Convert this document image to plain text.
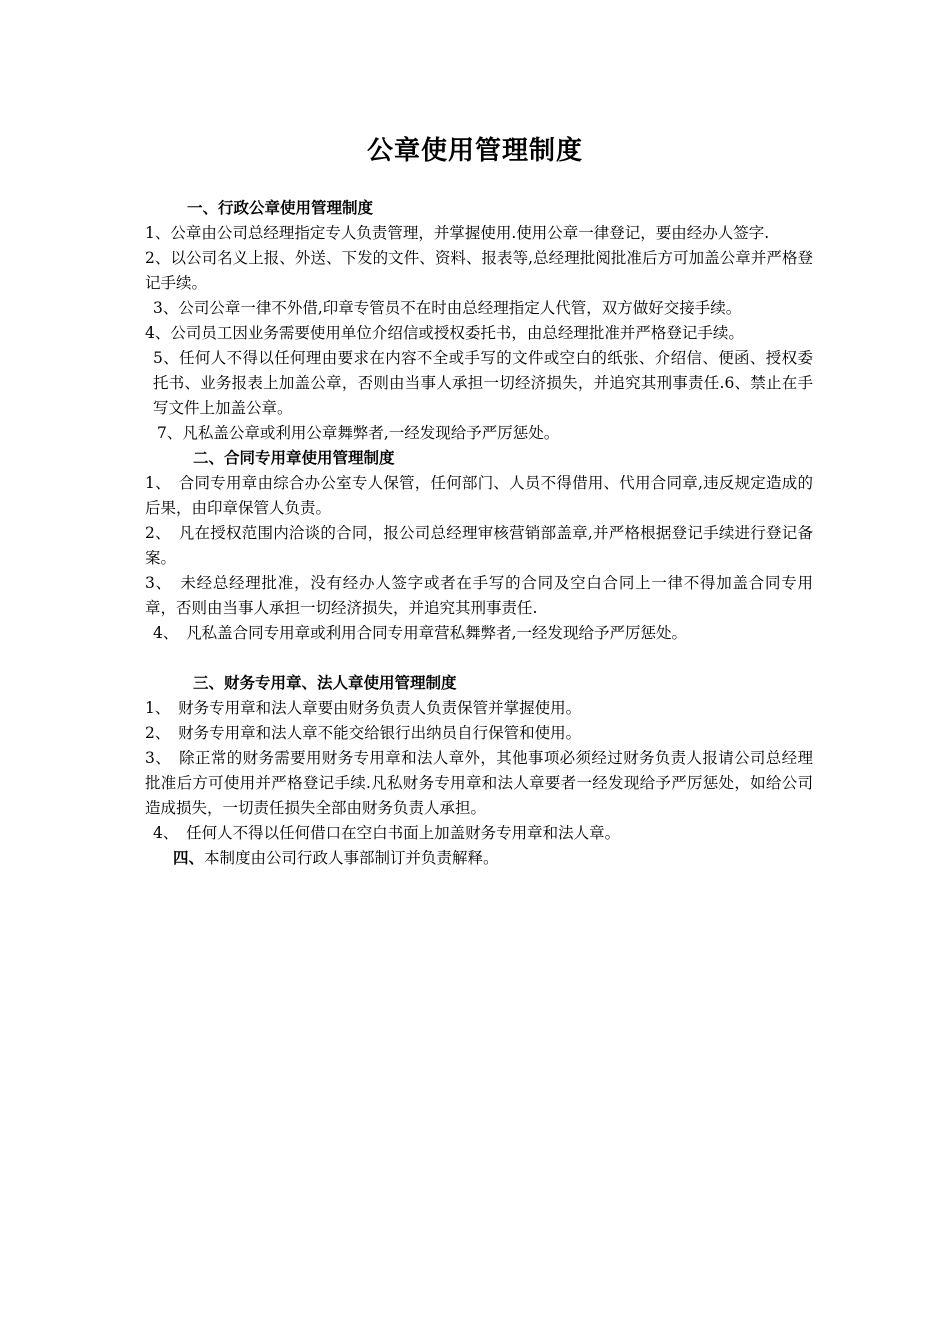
公章使用管理制度
一、行政公章使用管理制度

1、公章由公司总经理指定专人负责管理，并掌握使用.使用公章一律登记，要由经办人签字.

2、以公司名义上报、外送、下发的文件、资料、报表等,总经理批阅批准后方可加盖公章并严格登记手续。

3、公司公章一律不外借,印章专管员不在时由总经理指定人代管，双方做好交接手续。

4、公司员工因业务需要使用单位介绍信或授权委托书，由总经理批准并严格登记手续。

5、任何人不得以任何理由要求在内容不全或手写的文件或空白的纸张、介绍信、便函、授权委托书、业务报表上加盖公章，否则由当事人承担一切经济损失，并追究其刑事责任.6、禁止在手写文件上加盖公章。

7、凡私盖公章或利用公章舞弊者,一经发现给予严厉惩处。

二、合同专用章使用管理制度

1、　合同专用章由综合办公室专人保管，任何部门、人员不得借用、代用合同章,违反规定造成的后果，由印章保管人负责。

2、　凡在授权范围内洽谈的合同，报公司总经理审核营销部盖章,并严格根据登记手续进行登记备案。

3、　未经总经理批准，没有经办人签字或者在手写的合同及空白合同上一律不得加盖合同专用章，否则由当事人承担一切经济损失，并追究其刑事责任.

4、　凡私盖合同专用章或利用合同专用章营私舞弊者,一经发现给予严厉惩处。

三、财务专用章、法人章使用管理制度

1、　财务专用章和法人章要由财务负责人负责保管并掌握使用。

2、　财务专用章和法人章不能交给银行出纳员自行保管和使用。

3、　除正常的财务需要用财务专用章和法人章外，其他事项必须经过财务负责人报请公司总经理批准后方可使用并严格登记手续.凡私财务专用章和法人章要者一经发现给予严厉惩处，如给公司造成损失，一切责任损失全部由财务负责人承担。

4、　任何人不得以任何借口在空白书面上加盖财务专用章和法人章。

四、本制度由公司行政人事部制订并负责解释。
